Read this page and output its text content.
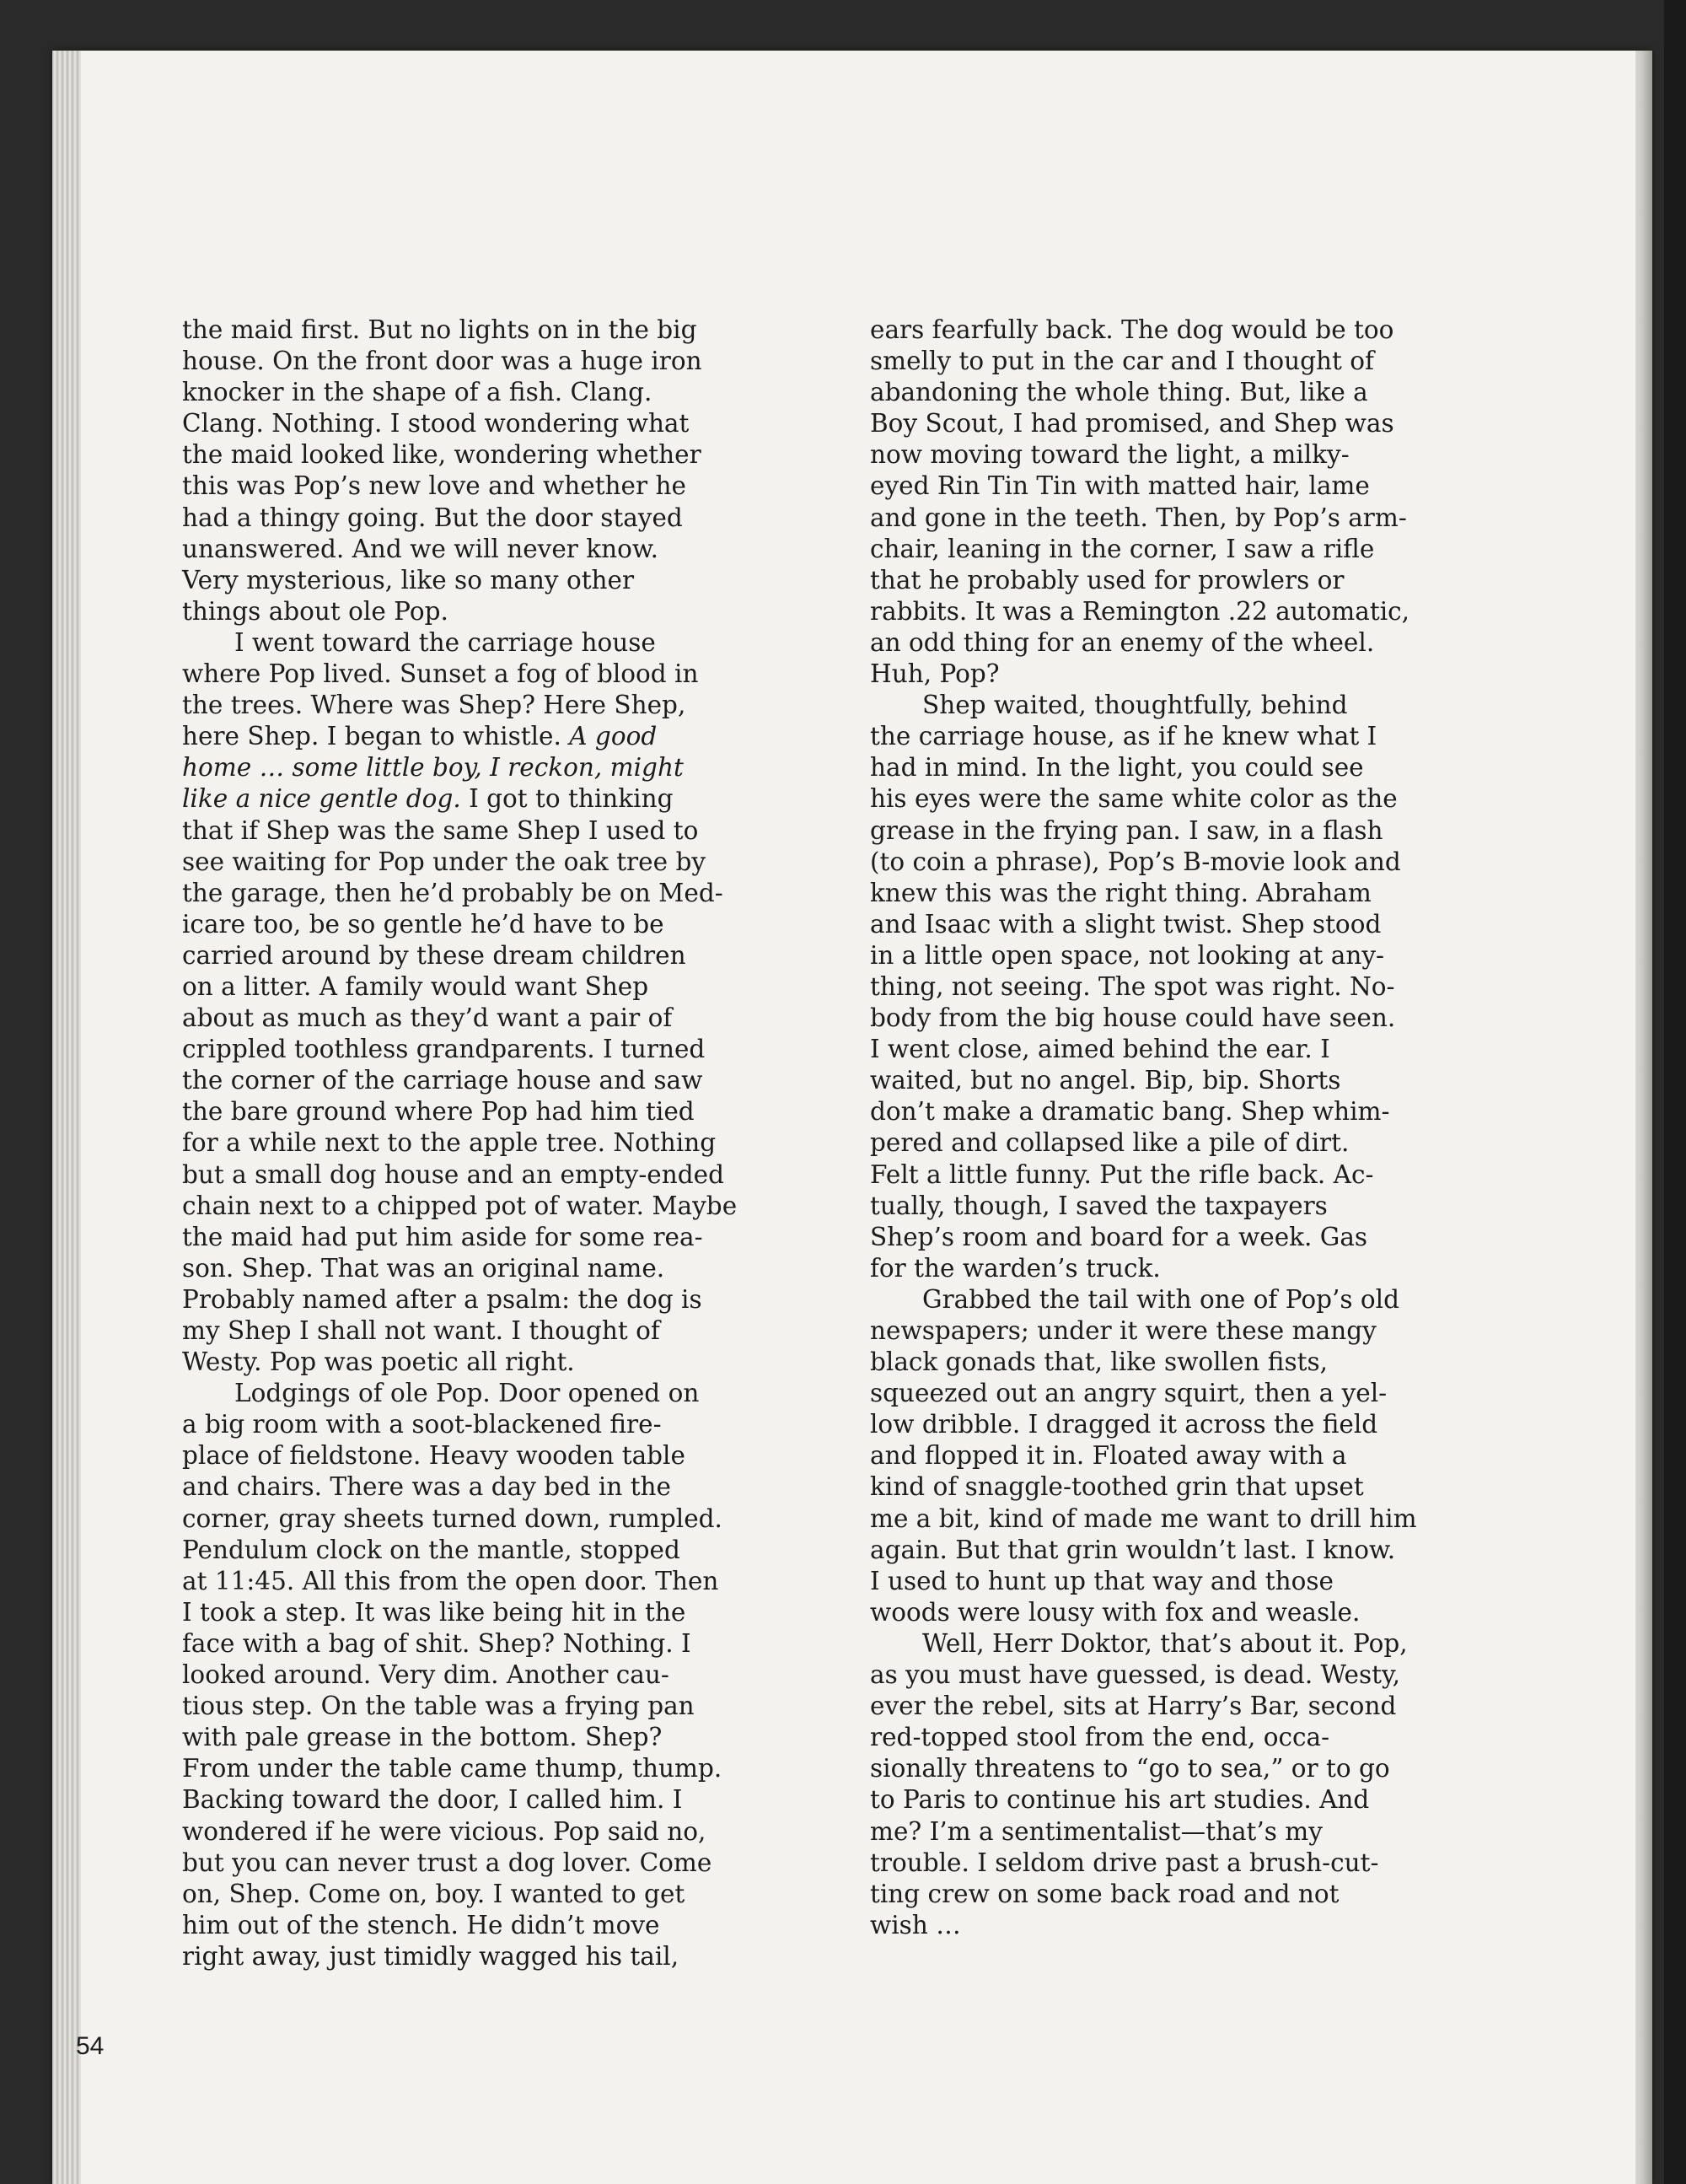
the maid first. But no lights on in the big
house. On the front door was a huge iron
knocker in the shape of a fish. Clang.
Clang. Nothing. I stood wondering what
the maid looked like, wondering whether
this was Pop’s new love and whether he
had a thingy going. But the door stayed
unanswered. And we will never know.
Very mysterious, like so many other
things about ole Pop.
I went toward the carriage house
where Pop lived. Sunset a fog of blood in
the trees. Where was Shep? Here Shep,
here Shep. I began to whistle. A good
home … some little boy, I reckon, might
like a nice gentle dog. I got to thinking
that if Shep was the same Shep I used to
see waiting for Pop under the oak tree by
the garage, then he’d probably be on Med-
icare too, be so gentle he’d have to be
carried around by these dream children
on a litter. A family would want Shep
about as much as they’d want a pair of
crippled toothless grandparents. I turned
the corner of the carriage house and saw
the bare ground where Pop had him tied
for a while next to the apple tree. Nothing
but a small dog house and an empty-ended
chain next to a chipped pot of water. Maybe
the maid had put him aside for some rea-
son. Shep. That was an original name.
Probably named after a psalm: the dog is
my Shep I shall not want. I thought of
Westy. Pop was poetic all right.
Lodgings of ole Pop. Door opened on
a big room with a soot-blackened fire-
place of fieldstone. Heavy wooden table
and chairs. There was a day bed in the
corner, gray sheets turned down, rumpled.
Pendulum clock on the mantle, stopped
at 11:45. All this from the open door. Then
I took a step. It was like being hit in the
face with a bag of shit. Shep? Nothing. I
looked around. Very dim. Another cau-
tious step. On the table was a frying pan
with pale grease in the bottom. Shep?
From under the table came thump, thump.
Backing toward the door, I called him. I
wondered if he were vicious. Pop said no,
but you can never trust a dog lover. Come
on, Shep. Come on, boy. I wanted to get
him out of the stench. He didn’t move
right away, just timidly wagged his tail,
ears fearfully back. The dog would be too
smelly to put in the car and I thought of
abandoning the whole thing. But, like a
Boy Scout, I had promised, and Shep was
now moving toward the light, a milky-
eyed Rin Tin Tin with matted hair, lame
and gone in the teeth. Then, by Pop’s arm-
chair, leaning in the corner, I saw a rifle
that he probably used for prowlers or
rabbits. It was a Remington .22 automatic,
an odd thing for an enemy of the wheel.
Huh, Pop?
Shep waited, thoughtfully, behind
the carriage house, as if he knew what I
had in mind. In the light, you could see
his eyes were the same white color as the
grease in the frying pan. I saw, in a flash
(to coin a phrase), Pop’s B-movie look and
knew this was the right thing. Abraham
and Isaac with a slight twist. Shep stood
in a little open space, not looking at any-
thing, not seeing. The spot was right. No-
body from the big house could have seen.
I went close, aimed behind the ear. I
waited, but no angel. Bip, bip. Shorts
don’t make a dramatic bang. Shep whim-
pered and collapsed like a pile of dirt.
Felt a little funny. Put the rifle back. Ac-
tually, though, I saved the taxpayers
Shep’s room and board for a week. Gas
for the warden’s truck.
Grabbed the tail with one of Pop’s old
newspapers; under it were these mangy
black gonads that, like swollen fists,
squeezed out an angry squirt, then a yel-
low dribble. I dragged it across the field
and flopped it in. Floated away with a
kind of snaggle-toothed grin that upset
me a bit, kind of made me want to drill him
again. But that grin wouldn’t last. I know.
I used to hunt up that way and those
woods were lousy with fox and weasle.
Well, Herr Doktor, that’s about it. Pop,
as you must have guessed, is dead. Westy,
ever the rebel, sits at Harry’s Bar, second
red-topped stool from the end, occa-
sionally threatens to “go to sea,” or to go
to Paris to continue his art studies. And
me? I’m a sentimentalist—that’s my
trouble. I seldom drive past a brush-cut-
ting crew on some back road and not
wish …
54
